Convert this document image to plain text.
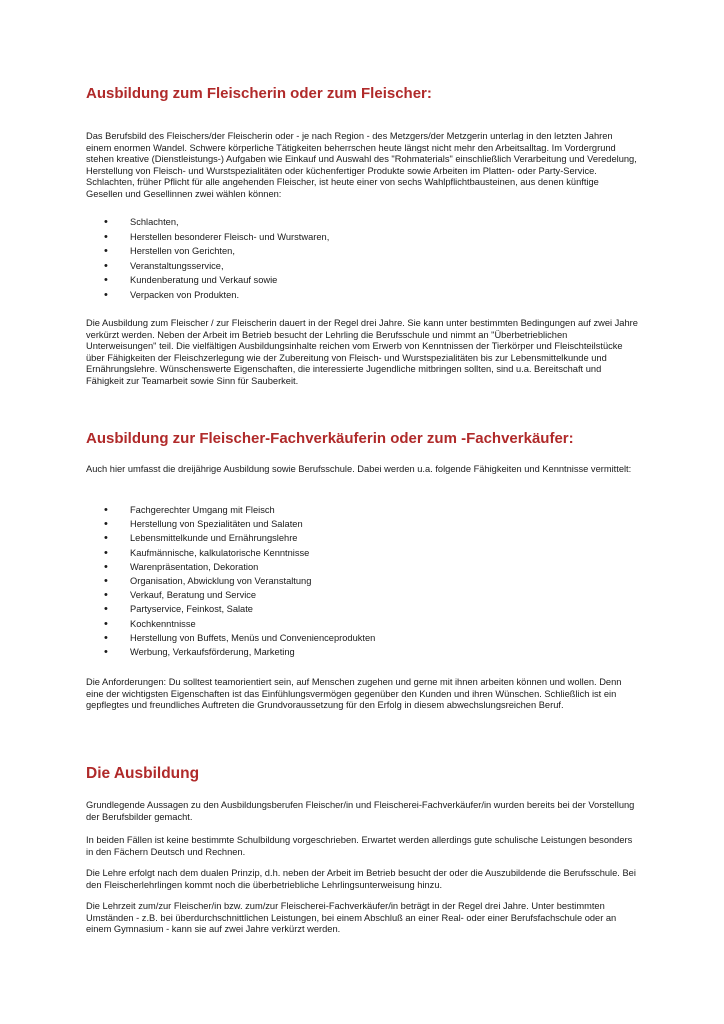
Ausbildung zum Fleischerin oder zum Fleischer:

Das Berufsbild des Fleischers/der Fleischerin oder - je nach Region - des Metzgers/der Metzgerin unterlag in den letzten Jahren einem enormen Wandel. Schwere körperliche Tätigkeiten beherrschen heute längst nicht mehr den Arbeitsalltag. Im Vordergrund stehen kreative (Dienstleistungs-) Aufgaben wie Einkauf und Auswahl des "Rohmaterials" einschließlich Verarbeitung und Veredelung, Herstellung von Fleisch- und Wurstspezialitäten oder küchenfertiger Produkte sowie Arbeiten im Platten- oder Party-Service. Schlachten, früher Pflicht für alle angehenden Fleischer, ist heute einer von sechs Wahlpflichtbausteinen, aus denen künftige Gesellen und Gesellinnen zwei wählen können:

• Schlachten,
• Herstellen besonderer Fleisch- und Wurstwaren,
• Herstellen von Gerichten,
• Veranstaltungsservice,
• Kundenberatung und Verkauf sowie
• Verpacken von Produkten.

Die Ausbildung zum Fleischer / zur Fleischerin dauert in der Regel drei Jahre. Sie kann unter bestimmten Bedingungen auf zwei Jahre verkürzt werden. Neben der Arbeit im Betrieb besucht der Lehrling die Berufsschule und nimmt an "Überbetrieblichen Unterweisungen" teil. Die vielfältigen Ausbildungsinhalte reichen vom Erwerb von Kenntnissen der Tierkörper und Fleischteilstücke über Fähigkeiten der Fleischzerlegung wie der Zubereitung von Fleisch- und Wurstspezialitäten bis zur Lebensmittelkunde und Ernährungslehre. Wünschenswerte Eigenschaften, die interessierte Jugendliche mitbringen sollten, sind u.a. Bereitschaft und Fähigkeit zur Teamarbeit sowie Sinn für Sauberkeit.

Ausbildung zur Fleischer-Fachverkäuferin oder zum -Fachverkäufer:

Auch hier umfasst die dreijährige Ausbildung sowie Berufsschule. Dabei werden u.a. folgende Fähigkeiten und Kenntnisse vermittelt:

• Fachgerechter Umgang mit Fleisch
• Herstellung von Spezialitäten und Salaten
• Lebensmittelkunde und Ernährungslehre
• Kaufmännische, kalkulatorische Kenntnisse
• Warenpräsentation, Dekoration
• Organisation, Abwicklung von Veranstaltung
• Verkauf, Beratung und Service
• Partyservice, Feinkost, Salate
• Kochkenntnisse
• Herstellung von Buffets, Menüs und Convenienceprodukten
• Werbung, Verkaufsförderung, Marketing

Die Anforderungen: Du solltest teamorientiert sein, auf Menschen zugehen und gerne mit ihnen arbeiten können und wollen. Denn eine der wichtigsten Eigenschaften ist das Einfühlungsvermögen gegenüber den Kunden und ihren Wünschen. Schließlich ist ein gepflegtes und freundliches Auftreten die Grundvoraussetzung für den Erfolg in diesem abwechslungsreichen Beruf.

Die Ausbildung

Grundlegende Aussagen zu den Ausbildungsberufen Fleischer/in und Fleischerei-Fachverkäufer/in wurden bereits bei der Vorstellung der Berufsbilder gemacht.

In beiden Fällen ist keine bestimmte Schulbildung vorgeschrieben. Erwartet werden allerdings gute schulische Leistungen besonders in den Fächern Deutsch und Rechnen.

Die Lehre erfolgt nach dem dualen Prinzip, d.h. neben der Arbeit im Betrieb besucht der oder die Auszubildende die Berufsschule. Bei den Fleischerlehrlingen kommt noch die überbetriebliche Lehrlingsunterweisung hinzu.

Die Lehrzeit zum/zur Fleischer/in bzw. zum/zur Fleischerei-Fachverkäufer/in beträgt in der Regel drei Jahre. Unter bestimmten Umständen - z.B. bei überdurchschnittlichen Leistungen, bei einem Abschluß an einer Real- oder einer Berufsfachschule oder an einem Gymnasium - kann sie auf zwei Jahre verkürzt werden.
